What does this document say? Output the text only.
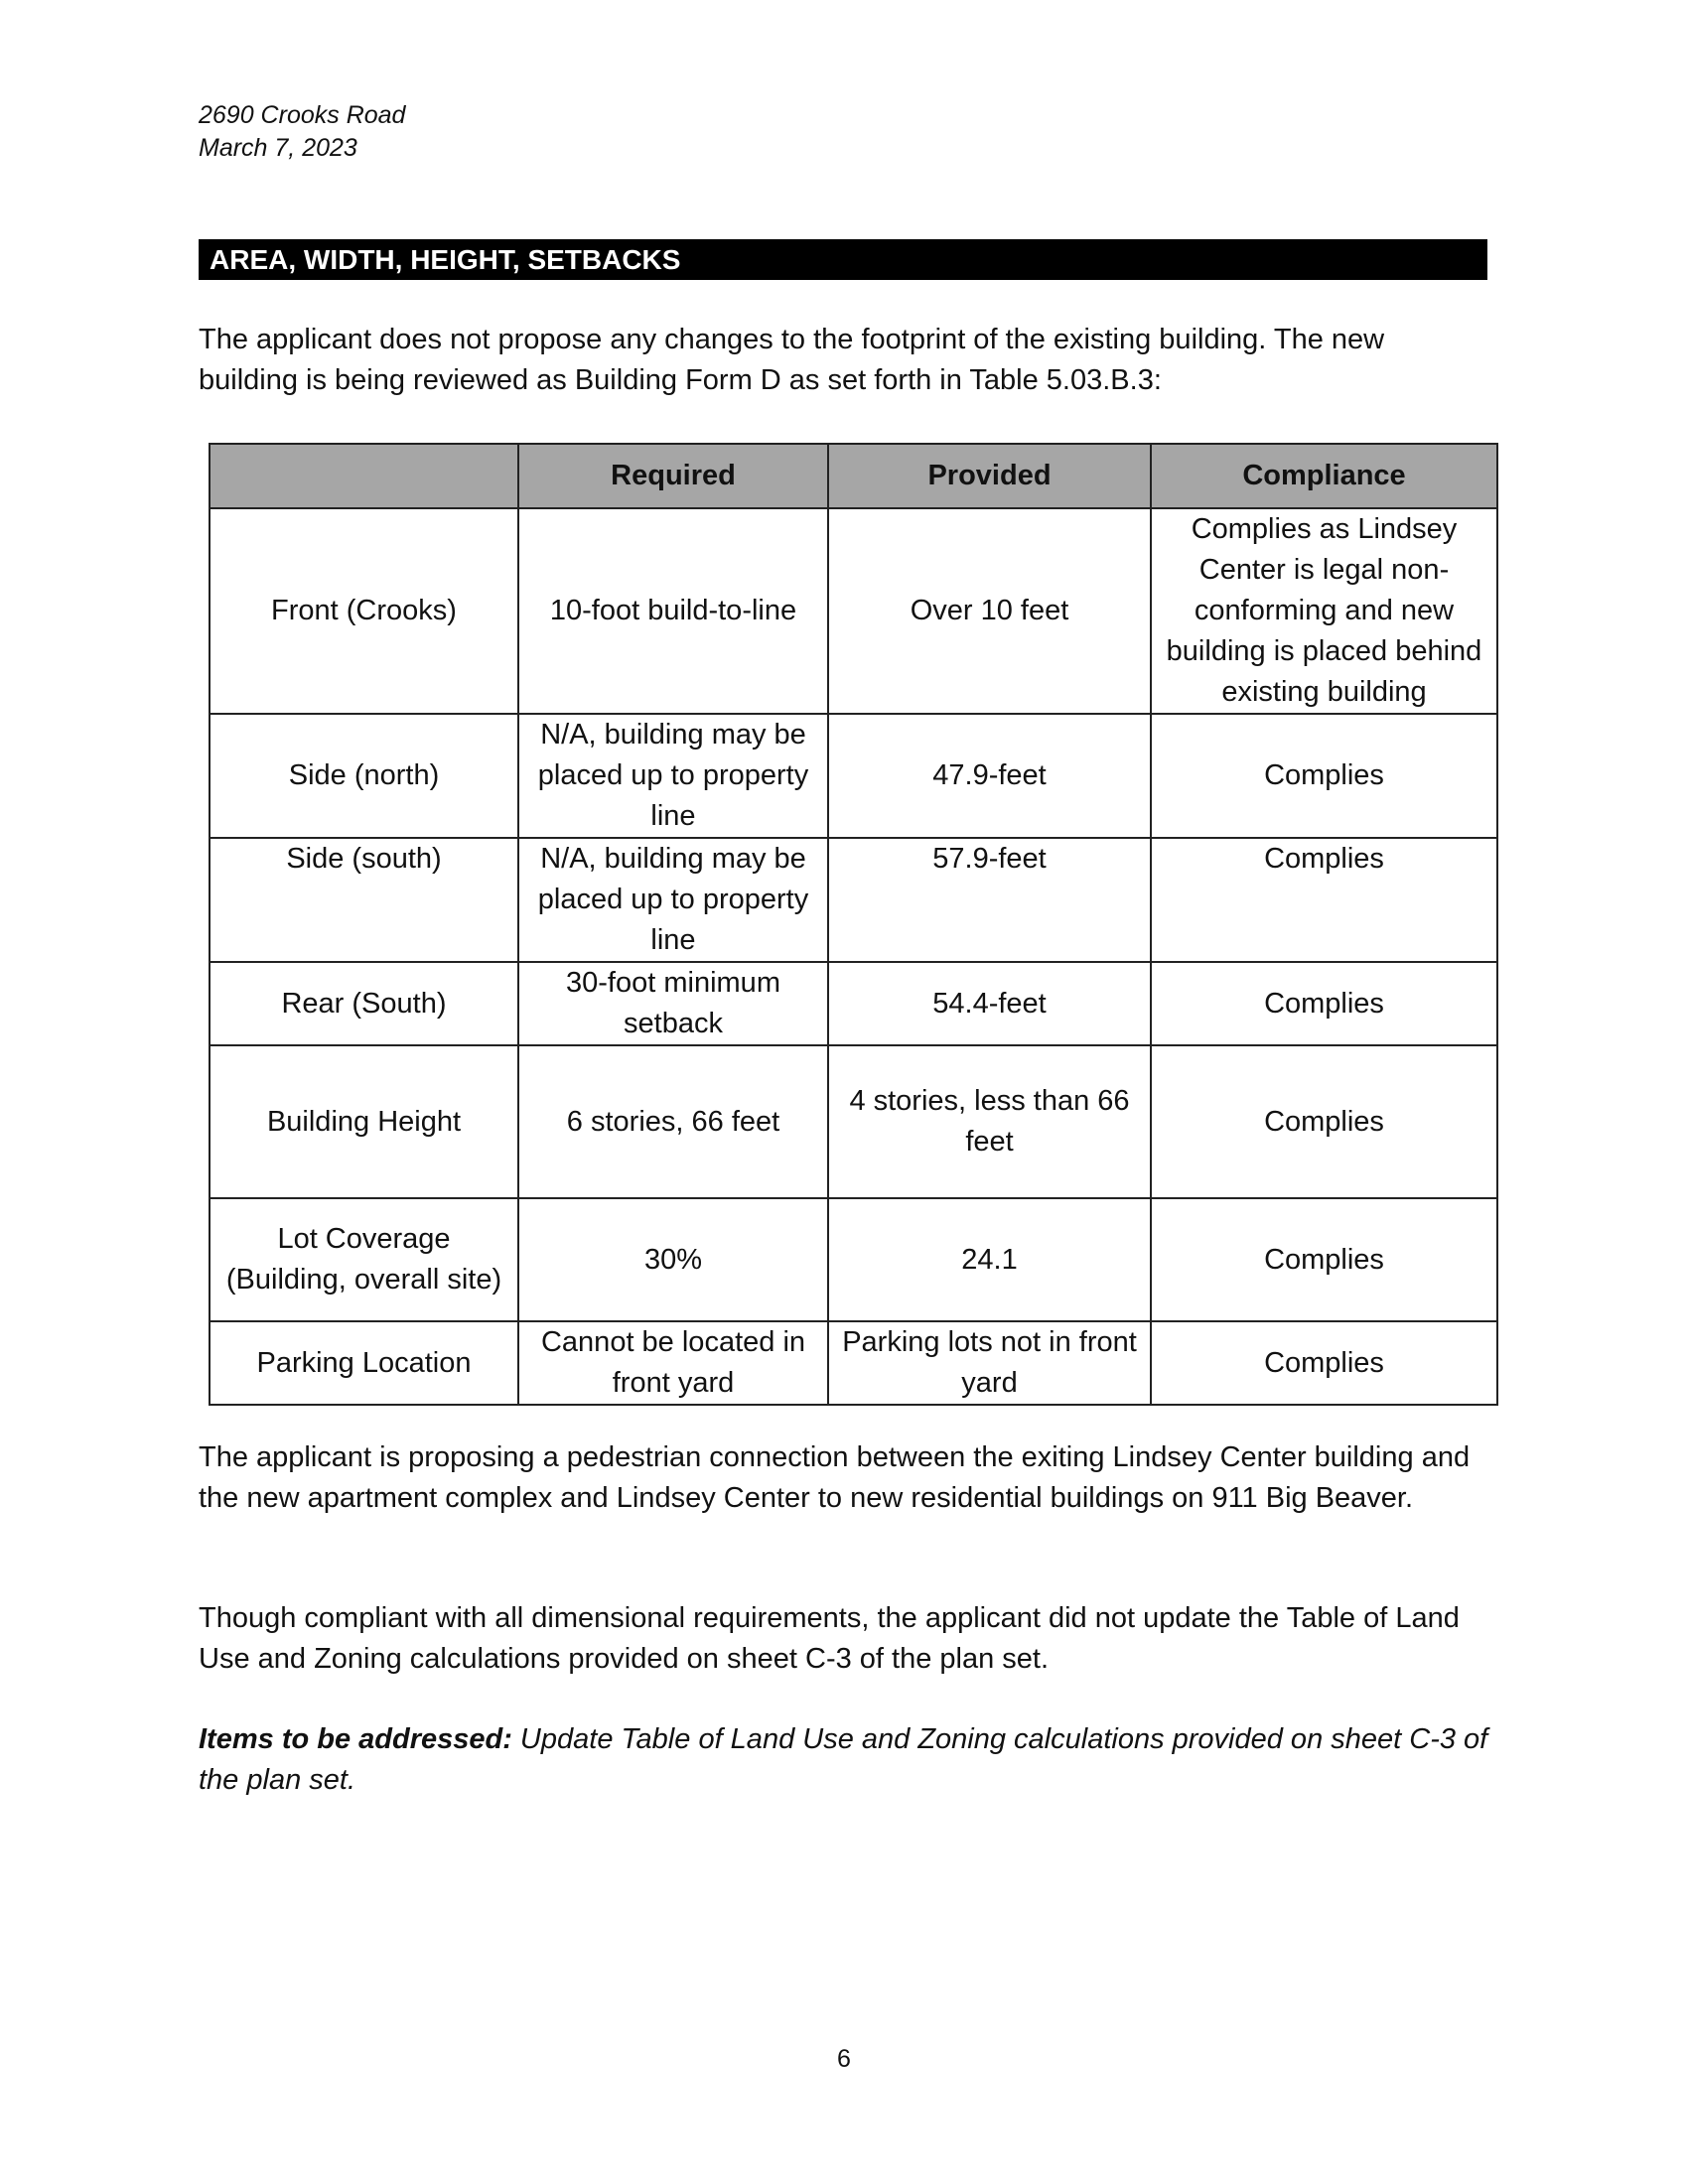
2690 Crooks Road
March 7, 2023
AREA, WIDTH, HEIGHT, SETBACKS

The applicant does not propose any changes to the footprint of the existing building. The new building is being reviewed as Building Form D as set forth in Table 5.03.B.3:

	Required	Provided	Compliance
Front (Crooks)	10-foot build-to-line	Over 10 feet	Complies as Lindsey Center is legal non-conforming and new building is placed behind existing building
Side (north)	N/A, building may be placed up to property line	47.9-feet	Complies
Side (south)	N/A, building may be placed up to property line	57.9-feet	Complies
Rear (South)	30-foot minimum setback	54.4-feet	Complies
Building Height	6 stories, 66 feet	4 stories, less than 66 feet	Complies
Lot Coverage (Building, overall site)	30%	24.1	Complies
Parking Location	Cannot be located in front yard	Parking lots not in front yard	Complies

The applicant is proposing a pedestrian connection between the exiting Lindsey Center building and the new apartment complex and Lindsey Center to new residential buildings on 911 Big Beaver.

Though compliant with all dimensional requirements, the applicant did not update the Table of Land Use and Zoning calculations provided on sheet C-3 of the plan set.

Items to be addressed: Update Table of Land Use and Zoning calculations provided on sheet C-3 of the plan set.

6
